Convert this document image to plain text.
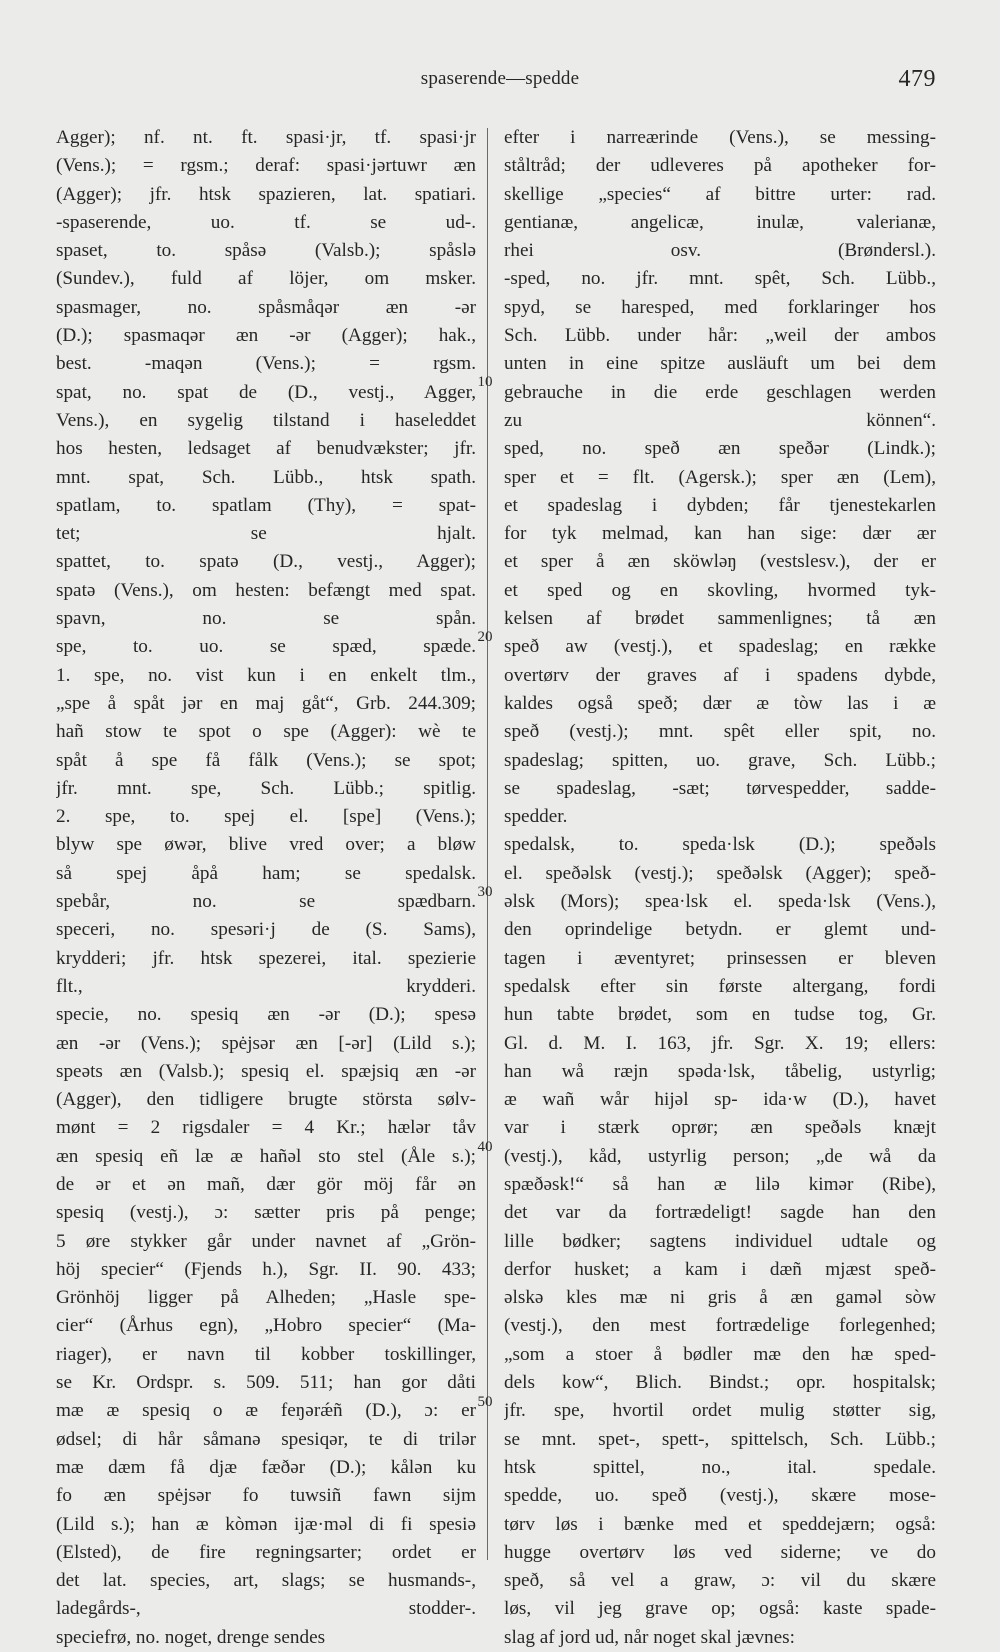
spaserende—spedde	479
Agger); nf. nt. ft. spasi·jr, tf. spasi·jr
(Vens.); = rgsm.; deraf: spasi·jərtuwr æn
(Agger); jfr. htsk spazieren, lat. spatiari.
-spaserende, uo. tf. se ud-.
spaset, to. spåsə (Valsb.); spåslə
(Sundev.), fuld af löjer, om msker.
spasmager, no. spåsmåqər æn -ər
(D.); spasmaqər æn -ər (Agger); hak.,
best. -maqən (Vens.); = rgsm.
spat, no. spat de (D., vestj., Agger,
Vens.), en sygelig tilstand i haseleddet
hos hesten, ledsaget af benudvækster; jfr.
mnt. spat, Sch. Lübb., htsk spath.
spatlam, to. spatlam (Thy), = spat-
tet; se hjalt.
spattet, to. spatə (D., vestj., Agger);
spatə (Vens.), om hesten: befængt med spat.
spavn, no. se spån.
spe, to. uo. se spæd, spæde.
1. spe, no. vist kun i en enkelt tlm.,
„spe å spåt jər en maj gåt“, Grb. 244.309;
hañ stow te spot o spe (Agger): wè te
spåt å spe få fålk (Vens.); se spot;
jfr. mnt. spe, Sch. Lübb.; spitlig.
2. spe, to. spej el. [spe] (Vens.);
blyw spe øwər, blive vred over; a bløw
så spej åpå ham; se spedalsk.
spebår, no. se spædbarn.
speceri, no. spesəri·j de (S. Sams),
krydderi; jfr. htsk spezerei, ital. spezierie
flt., krydderi.
specie, no. spesiq æn -ər (D.); spesə
æn -ər (Vens.); spėjsər æn [-ər] (Lild s.);
speəts æn (Valsb.); spesiq el. spæjsiq æn -ər
(Agger), den tidligere brugte största sølv-
mønt = 2 rigsdaler = 4 Kr.; hælər tåv
æn spesiq eñ læ æ hañəl sto stel (Åle s.);
de ər et ən mañ, dær gör möj får ən
spesiq (vestj.), ɔ: sætter pris på penge;
5 øre stykker går under navnet af „Grön-
höj specier“ (Fjends h.), Sgr. II. 90. 433;
Grönhöj ligger på Alheden; „Hasle spe-
cier“ (Århus egn), „Hobro specier“ (Ma-
riager), er navn til kobber toskillinger,
se Kr. Ordspr. s. 509. 511; han gor dåti
mæ æ spesiq o æ feŋərǽñ (D.), ɔ: er
ødsel; di hår såmanə spesiqər, te di trilər
mæ dæm få djæ fæðər (D.); kålən ku
fo æn spėjsər fo tuwsiñ fawn sijm
(Lild s.); han æ kòmən ijæ·məl di fi spesiə
(Elsted), de fire regningsarter; ordet er
det lat. species, art, slags; se husmands-,
ladegårds-, stodder-.
speciefrø, no. noget, drenge sendes
efter i narreærinde (Vens.), se messing-
ståltråd; der udleveres på apotheker for-
skellige „species“ af bittre urter: rad.
gentianæ, angelicæ, inulæ, valerianæ,
rhei osv. (Brøndersl.).
-sped, no. jfr. mnt. spêt, Sch. Lübb.,
spyd, se haresped, med forklaringer hos
Sch. Lübb. under hår: „weil der ambos
unten in eine spitze ausläuft um bei dem
gebrauche in die erde geschlagen werden
zu können“.
sped, no. speð æn speðər (Lindk.);
sper et = flt. (Agersk.); sper æn (Lem),
et spadeslag i dybden; får tjenestekarlen
for tyk melmad, kan han sige: dær ær
et sper å æn sköwləŋ (vestslesv.), der er
et sped og en skovling, hvormed tyk-
kelsen af brødet sammenlignes; tå æn
speð aw (vestj.), et spadeslag; en række
overtørv der graves af i spadens dybde,
kaldes også speð; dær æ tòw las i æ
speð (vestj.); mnt. spêt eller spit, no.
spadeslag; spitten, uo. grave, Sch. Lübb.;
se spadeslag, -sæt; tørvespedder, sadde-
spedder.
spedalsk, to. speda·lsk (D.); speðəls
el. speðəlsk (vestj.); speðəlsk (Agger); speð-
əlsk (Mors); spea·lsk el. speda·lsk (Vens.),
den oprindelige betydn. er glemt und-
tagen i æventyret; prinsessen er bleven
spedalsk efter sin første altergang, fordi
hun tabte brødet, som en tudse tog, Gr.
Gl. d. M. I. 163, jfr. Sgr. X. 19; ellers:
han wå ræjn spəda·lsk, tåbelig, ustyrlig;
æ wañ wår hijəl sp- ida·w (D.), havet
var i stærk oprør; æn speðəls knæjt
(vestj.), kåd, ustyrlig person; „de wå da
spæðəsk!“ så han æ lilə kimər (Ribe),
det var da fortrædeligt! sagde han den
lille bødker; sagtens individuel udtale og
derfor husket; a kam i dæñ mjæst speð-
əlskə kles mæ ni gris å æn gaməl sòw
(vestj.), den mest fortrædelige forlegenhed;
„som a stoer å bødler mæ den hæ sped-
dels kow“, Blich. Bindst.; opr. hospitalsk;
jfr. spe, hvortil ordet mulig støtter sig,
se mnt. spet-, spett-, spittelsch, Sch. Lübb.;
htsk spittel, no., ital. spedale.
spedde, uo. speð (vestj.), skære mose-
tørv løs i bænke med et speddejærn; også:
hugge overtørv løs ved siderne; ve do
speð, så vel a graw, ɔ: vil du skære
løs, vil jeg grave op; også: kaste spade-
slag af jord ud, når noget skal jævnes:
10
20
30
40
50
